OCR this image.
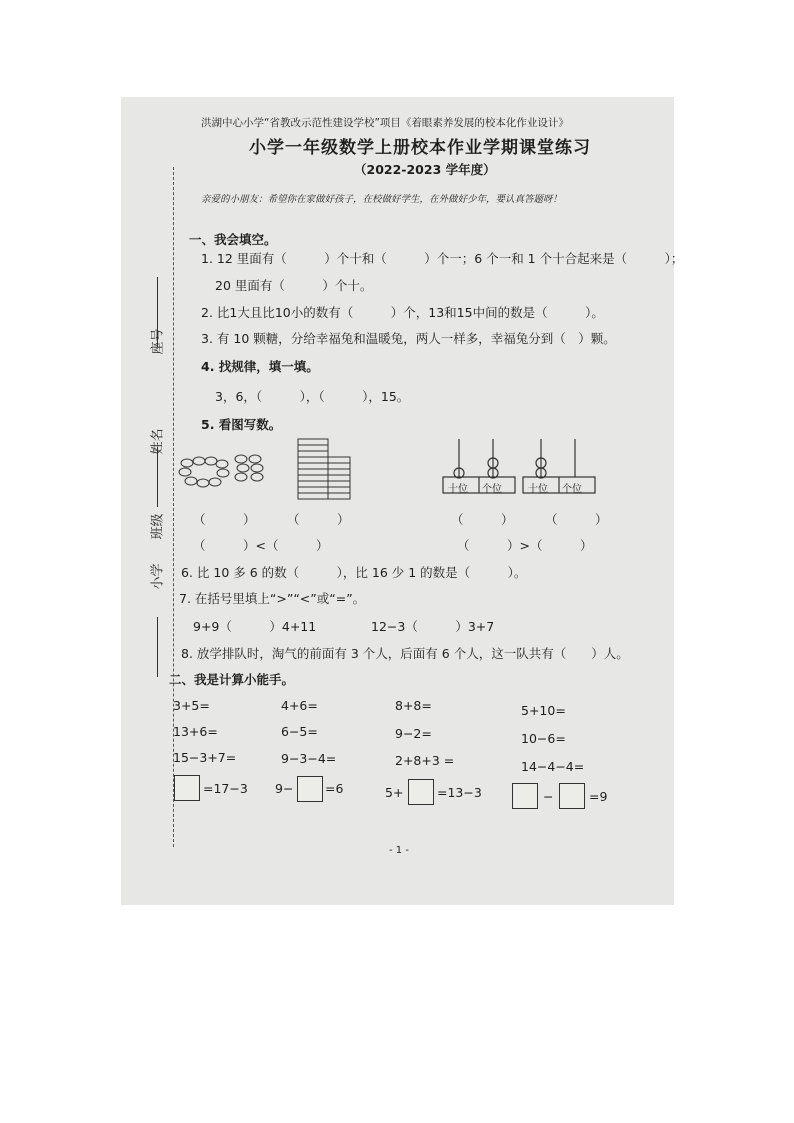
座号
姓名
班级
小学
洪湖中心小学“省教改示范性建设学校”项目《着眼素养发展的校本化作业设计》
小学一年级数学上册校本作业学期课堂练习
（2022-2023 学年度）
亲爱的小朋友：希望你在家做好孩子，在校做好学生，在外做好少年，要认真答题呀！
一、我会填空。
1. 12 里面有（　　　）个十和（　　　）个一；6 个一和 1 个十合起来是（　　　）；
20 里面有（　　　）个十。
2. 比1大且比10小的数有（　　　）个，13和15中间的数是（　　　）。
3. 有 10 颗糖，分给幸福兔和温暖兔，两人一样多，幸福兔分到（　）颗。
4. 找规律，填一填。
3，6，（　　　），（　　　），15。
5. 看图写数。
十位 个位	十位 个位
（　　　）	（　　　）	（　　　）	（　　　）
（　　　）<（　　　）	（　　　）>（　　　）
6. 比 10 多 6 的数（　　　），比 16 少 1 的数是（　　　）。
7. 在括号里填上“>”“<”或“=”。
9+9（　　　）4+11	12−3（　　　）3+7
8. 放学排队时，淘气的前面有 3 个人，后面有 6 个人，这一队共有（　　）人。
二、我是计算小能手。
3+5=	4+6=	8+8=	5+10=
13+6=	6−5=	9−2=	10−6=
15−3+7=	9−3−4=	2+8+3 =	14−4−4=
=17−3 9−	=6	5+	=13−3	−	=9
- 1 -
